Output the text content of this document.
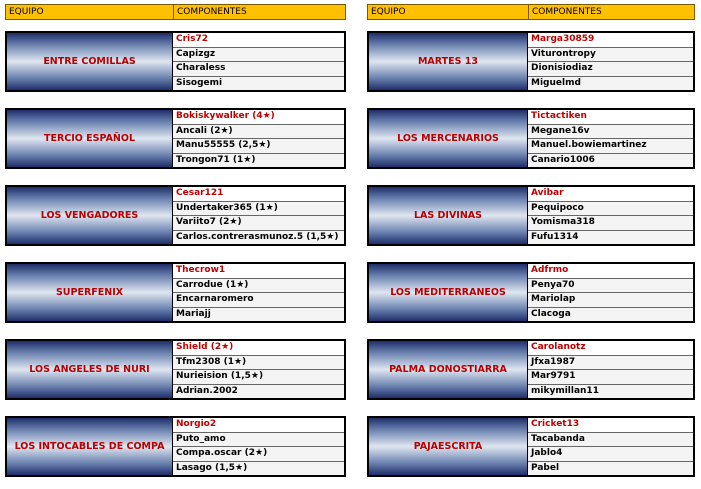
EQUIPO	COMPONENTES
ENTRE COMILLAS
Cris72
Capizgz
Charaless
Sisogemi
TERCIO ESPAÑOL
Bokiskywalker (4★)
Ancali (2★)
Manu55555 (2,5★)
Trongon71 (1★)
LOS VENGADORES
Cesar121
Undertaker365 (1★)
Variito7 (2★)
Carlos.contrerasmunoz.5 (1,5★)
SUPERFENIX
Thecrow1
Carrodue (1★)
Encarnaromero
Mariajj
LOS ANGELES DE NURI
Shield (2★)
Tfm2308 (1★)
Nurieision (1,5★)
Adrian.2002
LOS INTOCABLES DE COMPA
Norgio2
Puto_amo
Compa.oscar (2★)
Lasago (1,5★)
EQUIPO	COMPONENTES
MARTES 13
Marga30859
Viturontropy
Dionisiodiaz
Miguelmd
LOS MERCENARIOS
Tictactiken
Megane16v
Manuel.bowiemartinez
Canario1006
LAS DIVINAS
Avibar
Pequipoco
Yomisma318
Fufu1314
LOS MEDITERRANEOS
Adfrmo
Penya70
Mariolap
Clacoga
PALMA DONOSTIARRA
Carolanotz
Jfxa1987
Mar9791
mikymillan11
PAJAESCRITA
Cricket13
Tacabanda
Jablo4
Pabel
